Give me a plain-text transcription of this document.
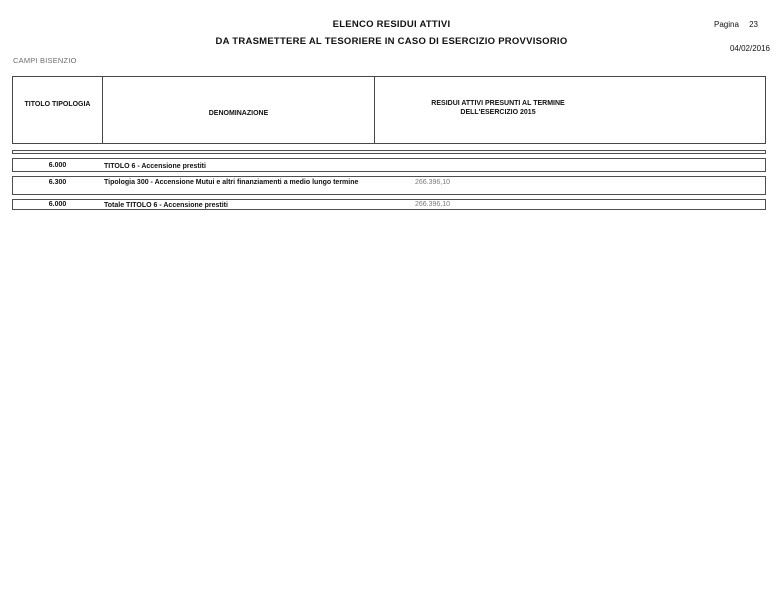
ELENCO RESIDUI ATTIVI
DA TRASMETTERE AL TESORIERE IN CASO DI ESERCIZIO PROVVISORIO
Pagina 23
04/02/2016
CAMPI BISENZIO
TITOLO TIPOLOGIA
DENOMINAZIONE
RESIDUI ATTIVI PRESUNTI AL TERMINE
DELL'ESERCIZIO 2015
6.000	TITOLO 6 - Accensione prestiti
6.300	Tipologia 300 - Accensione Mutui e altri finanziamenti a medio lungo termine	266.396,10
6.000	Totale TITOLO 6 - Accensione prestiti	266.396,10
